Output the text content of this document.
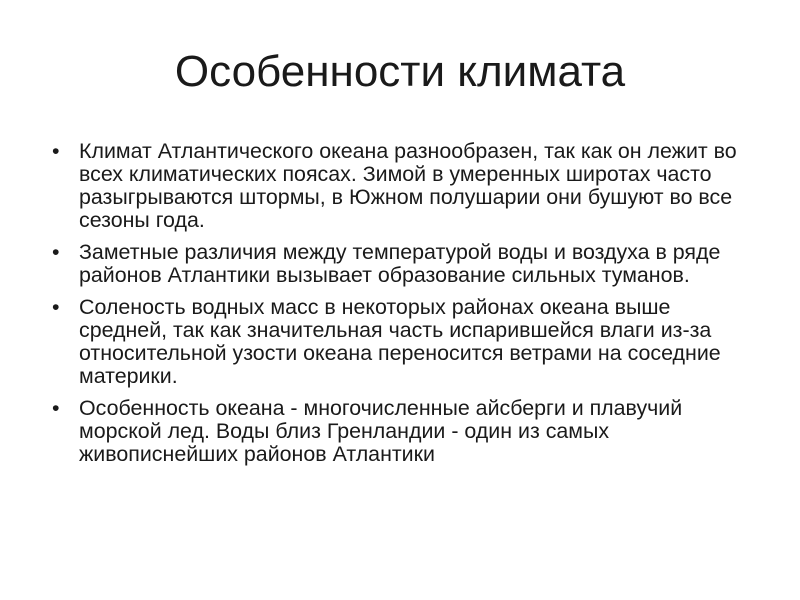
Особенности климата
• Климат Атлантического океана разнообразен, так как он лежит во всех климатических поясах. Зимой в умеренных широтах часто разыгрываются штормы, в Южном полушарии они бушуют во все сезоны года.
• Заметные различия между температурой воды и воздуха в ряде районов Атлантики вызывает образование сильных туманов.
• Соленость водных масс в некоторых районах океана выше средней, так как значительная часть испарившейся влаги из-за относительной узости океана переносится ветрами на соседние материки.
• Особенность океана - многочисленные айсберги и плавучий морской лед. Воды близ Гренландии - один из самых живописнейших районов Атлантики
